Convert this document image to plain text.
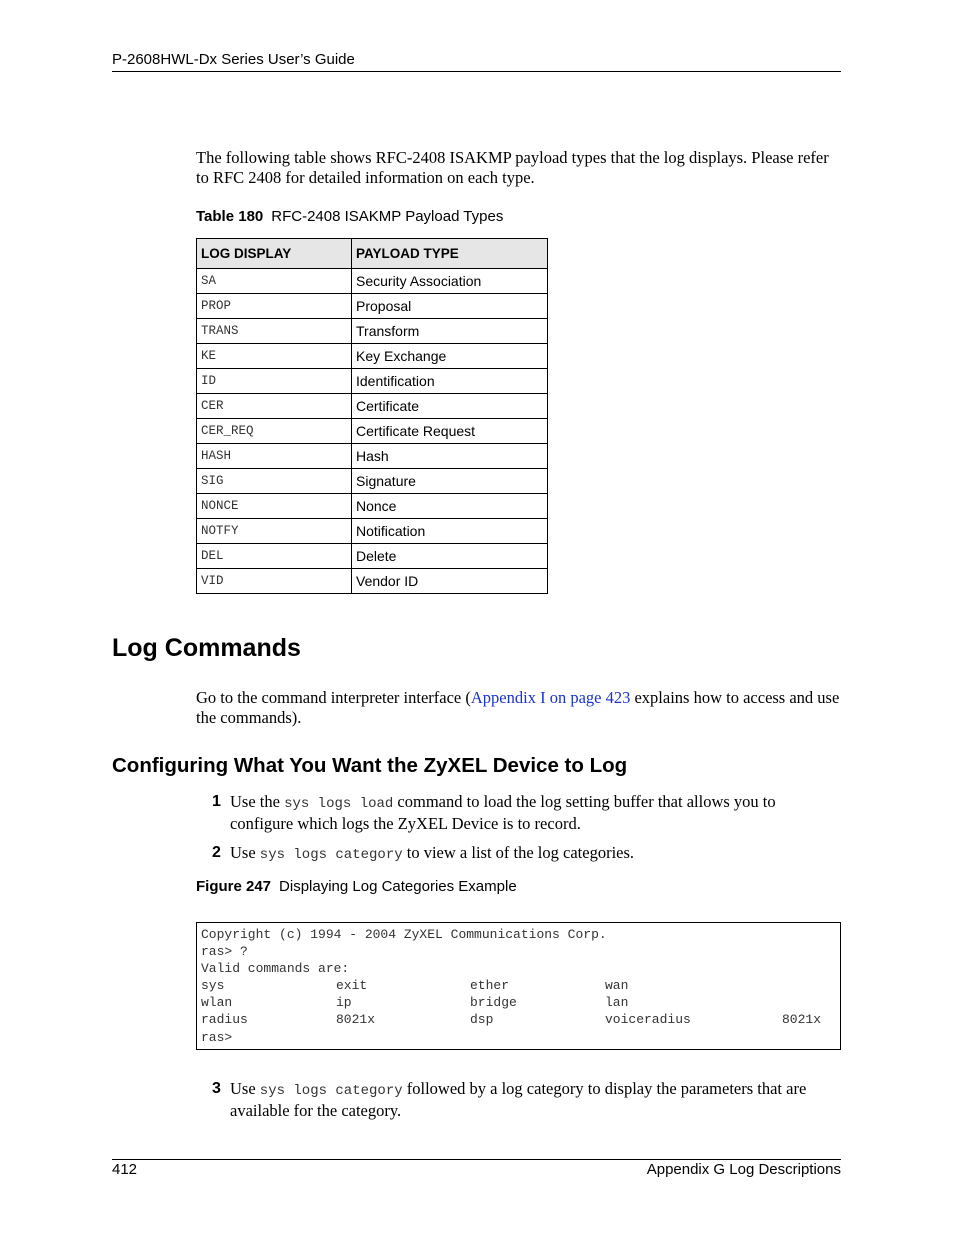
P-2608HWL-Dx Series User’s Guide
The following table shows RFC-2408 ISAKMP payload types that the log displays. Please refer to RFC 2408 for detailed information on each type.
Table 180 RFC-2408 ISAKMP Payload Types
LOG DISPLAY	PAYLOAD TYPE
SA	Security Association
PROP	Proposal
TRANS	Transform
KE	Key Exchange
ID	Identification
CER	Certificate
CER_REQ	Certificate Request
HASH	Hash
SIG	Signature
NONCE	Nonce
NOTFY	Notification
DEL	Delete
VID	Vendor ID
Log Commands
Go to the command interpreter interface (Appendix I on page 423 explains how to access and use the commands).
Configuring What You Want the ZyXEL Device to Log
1 Use the sys logs load command to load the log setting buffer that allows you to configure which logs the ZyXEL Device is to record.
2 Use sys logs category to view a list of the log categories.
Figure 247 Displaying Log Categories Example
Copyright (c) 1994 - 2004 ZyXEL Communications Corp.
ras> ?
Valid commands are:
sys	exit	ether	wan
wlan	ip	bridge	lan
radius	8021x	dsp	voiceradius	8021x
ras>
3 Use sys logs category followed by a log category to display the parameters that are available for the category.
412	Appendix G Log Descriptions
